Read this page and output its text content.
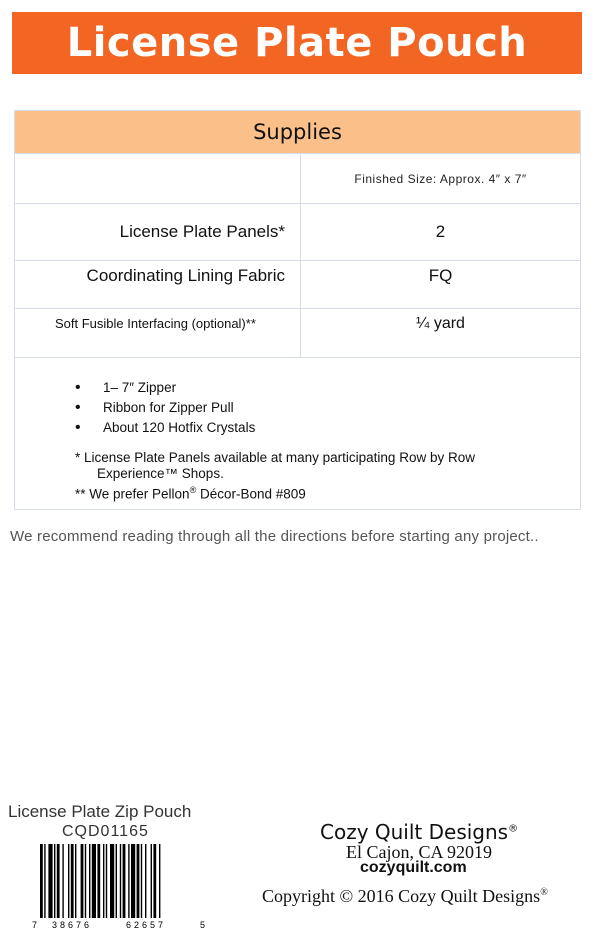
License Plate Pouch
Supplies
Finished Size: Approx. 4″ x 7″
License Plate Panels*	2
Coordinating Lining Fabric	FQ
Soft Fusible Interfacing (optional)**	¼ yard
• 1– 7″ Zipper
• Ribbon for Zipper Pull
• About 120 Hotfix Crystals
* License Plate Panels available at many participating Row by Row
Experience™ Shops.
** We prefer Pellon® Décor-Bond #809
We recommend reading through all the directions before starting any project..
License Plate Zip Pouch
CQD01165
7 38676	62657	5
Cozy Quilt Designs®
El Cajon, CA 92019
cozyquilt.com
Copyright © 2016 Cozy Quilt Designs®
